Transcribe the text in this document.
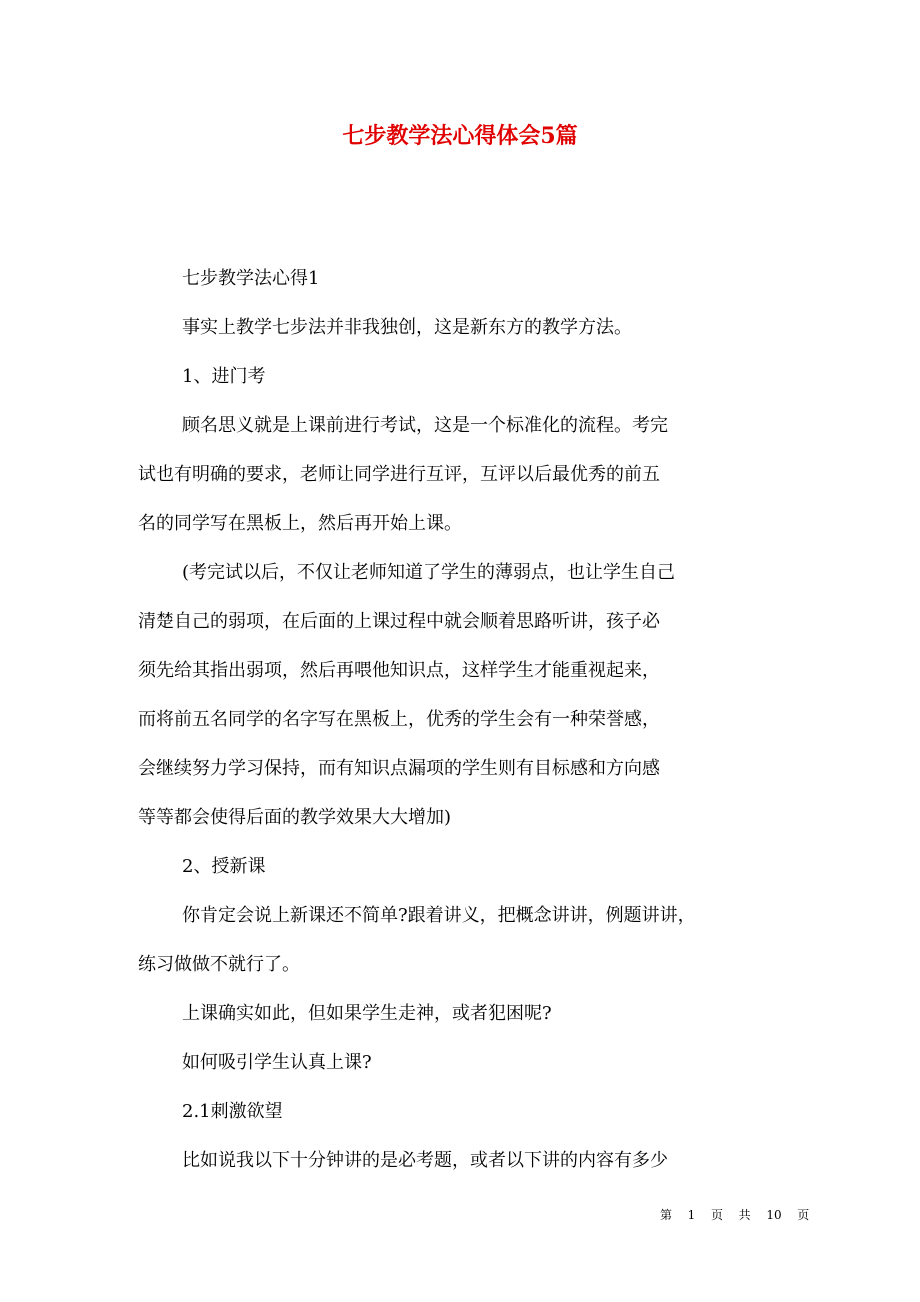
七步教学法心得体会5篇
七步教学法心得1
事实上教学七步法并非我独创，这是新东方的教学方法。
1、进门考
顾名思义就是上课前进行考试，这是一个标准化的流程。考完
试也有明确的要求，老师让同学进行互评，互评以后最优秀的前五
名的同学写在黑板上，然后再开始上课。
(考完试以后，不仅让老师知道了学生的薄弱点，也让学生自己
清楚自己的弱项，在后面的上课过程中就会顺着思路听讲，孩子必
须先给其指出弱项，然后再喂他知识点，这样学生才能重视起来，
而将前五名同学的名字写在黑板上，优秀的学生会有一种荣誉感，
会继续努力学习保持，而有知识点漏项的学生则有目标感和方向感
等等都会使得后面的教学效果大大增加)
2、授新课
你肯定会说上新课还不简单?跟着讲义，把概念讲讲，例题讲讲，
练习做做不就行了。
上课确实如此，但如果学生走神，或者犯困呢?
如何吸引学生认真上课?
2.1刺激欲望
比如说我以下十分钟讲的是必考题，或者以下讲的内容有多少
第 1 页 共 10 页
